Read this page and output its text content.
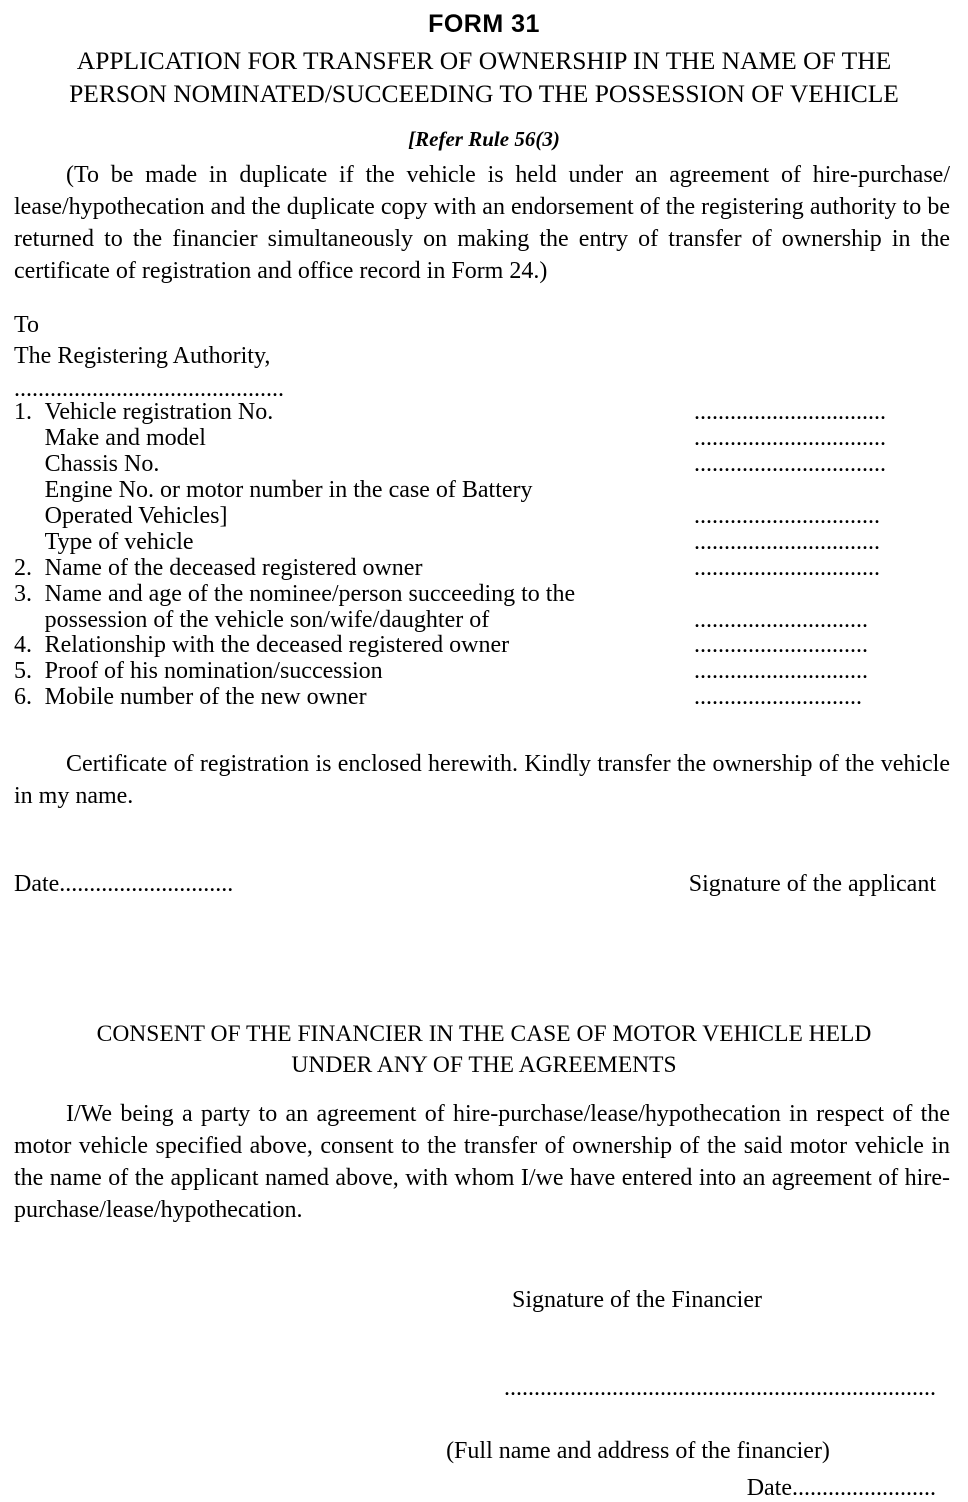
FORM 31
APPLICATION FOR TRANSFER OF OWNERSHIP IN THE NAME OF THE
PERSON NOMINATED/SUCCEEDING TO THE POSSESSION OF VEHICLE
[Refer Rule 56(3)
(To be made in duplicate if the vehicle is held under an agreement of hire-purchase/ lease/hypothecation and the duplicate copy with an endorsement of the registering authority to be returned to the financier simultaneously on making the entry of transfer of ownership in the certificate of registration and office record in Form 24.)
To
The Registering Authority,
.............................................
1.	Vehicle registration No.	................................

	Make and model	................................

	Chassis No.	................................

	Engine No. or motor number in the case of Battery	

	Operated Vehicles]	...............................

	Type of vehicle	...............................

2.	Name of the deceased registered owner	...............................

3.	Name and age of the nominee/person succeeding to the	

	possession of the vehicle son/wife/daughter of	.............................

4.	Relationship with the deceased registered owner	.............................

5.	Proof of his nomination/succession	.............................

6.	Mobile number of the new owner	............................
Certificate of registration is enclosed herewith. Kindly transfer the ownership of the vehicle in my name.
Date.............................	Signature of the applicant
CONSENT OF THE FINANCIER IN THE CASE OF MOTOR VEHICLE HELD
UNDER ANY OF THE AGREEMENTS
I/We being a party to an agreement of hire-purchase/lease/hypothecation in respect of the motor vehicle specified above, consent to the transfer of ownership of the said motor vehicle in the name of the applicant named above, with whom I/we have entered into an agreement of hire-purchase/lease/hypothecation.
Signature of the Financier
........................................................................
(Full name and address of the financier)
Date........................
